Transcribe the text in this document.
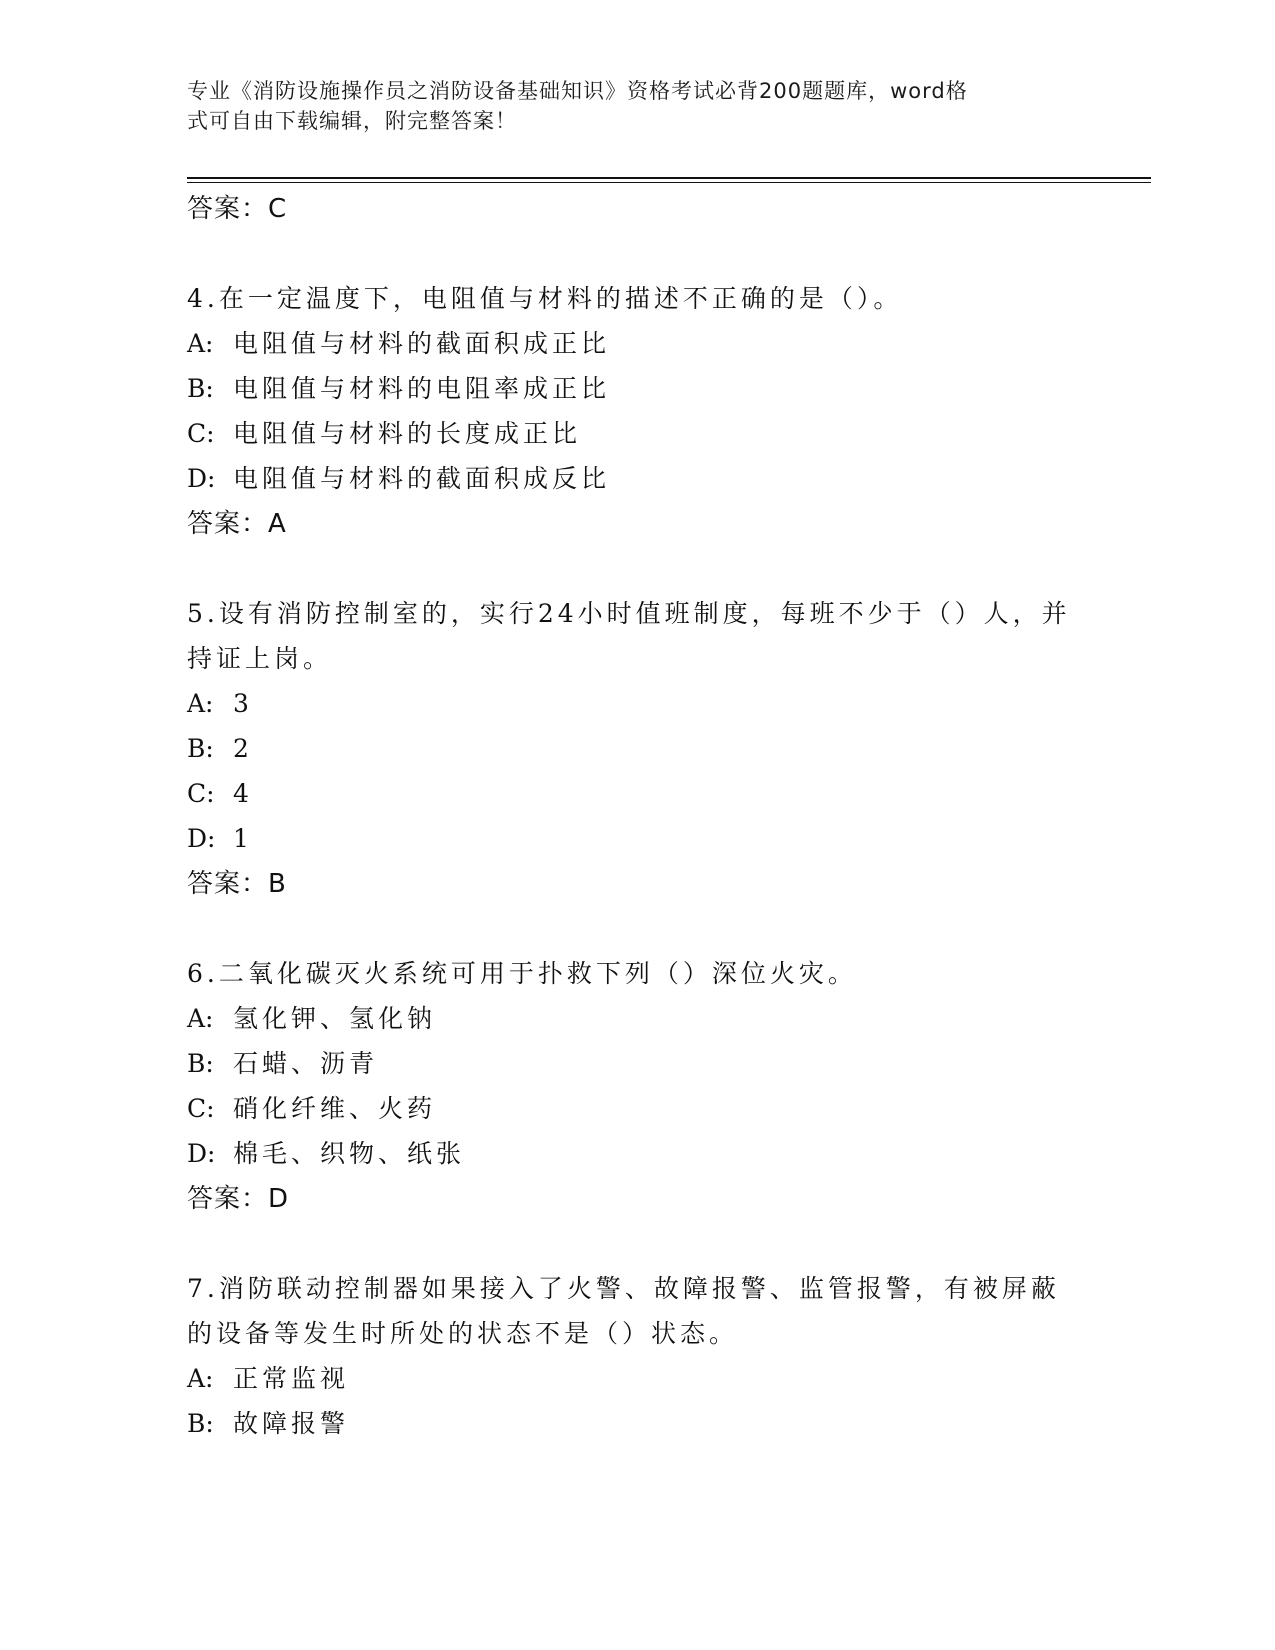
专业《消防设施操作员之消防设备基础知识》资格考试必背200题题库，word格
式可自由下载编辑，附完整答案！
答案：C
4.在一定温度下，电阻值与材料的描述不正确的是（）。
A: 电阻值与材料的截面积成正比
B: 电阻值与材料的电阻率成正比
C: 电阻值与材料的长度成正比
D: 电阻值与材料的截面积成反比
答案：A
5.设有消防控制室的，实行24小时值班制度，每班不少于（）人，并
持证上岗。
A: 3
B: 2
C: 4
D: 1
答案：B
6.二氧化碳灭火系统可用于扑救下列（）深位火灾。
A: 氢化钾、氢化钠
B: 石蜡、沥青
C: 硝化纤维、火药
D: 棉毛、织物、纸张
答案：D
7.消防联动控制器如果接入了火警、故障报警、监管报警，有被屏蔽
的设备等发生时所处的状态不是（）状态。
A: 正常监视
B: 故障报警
